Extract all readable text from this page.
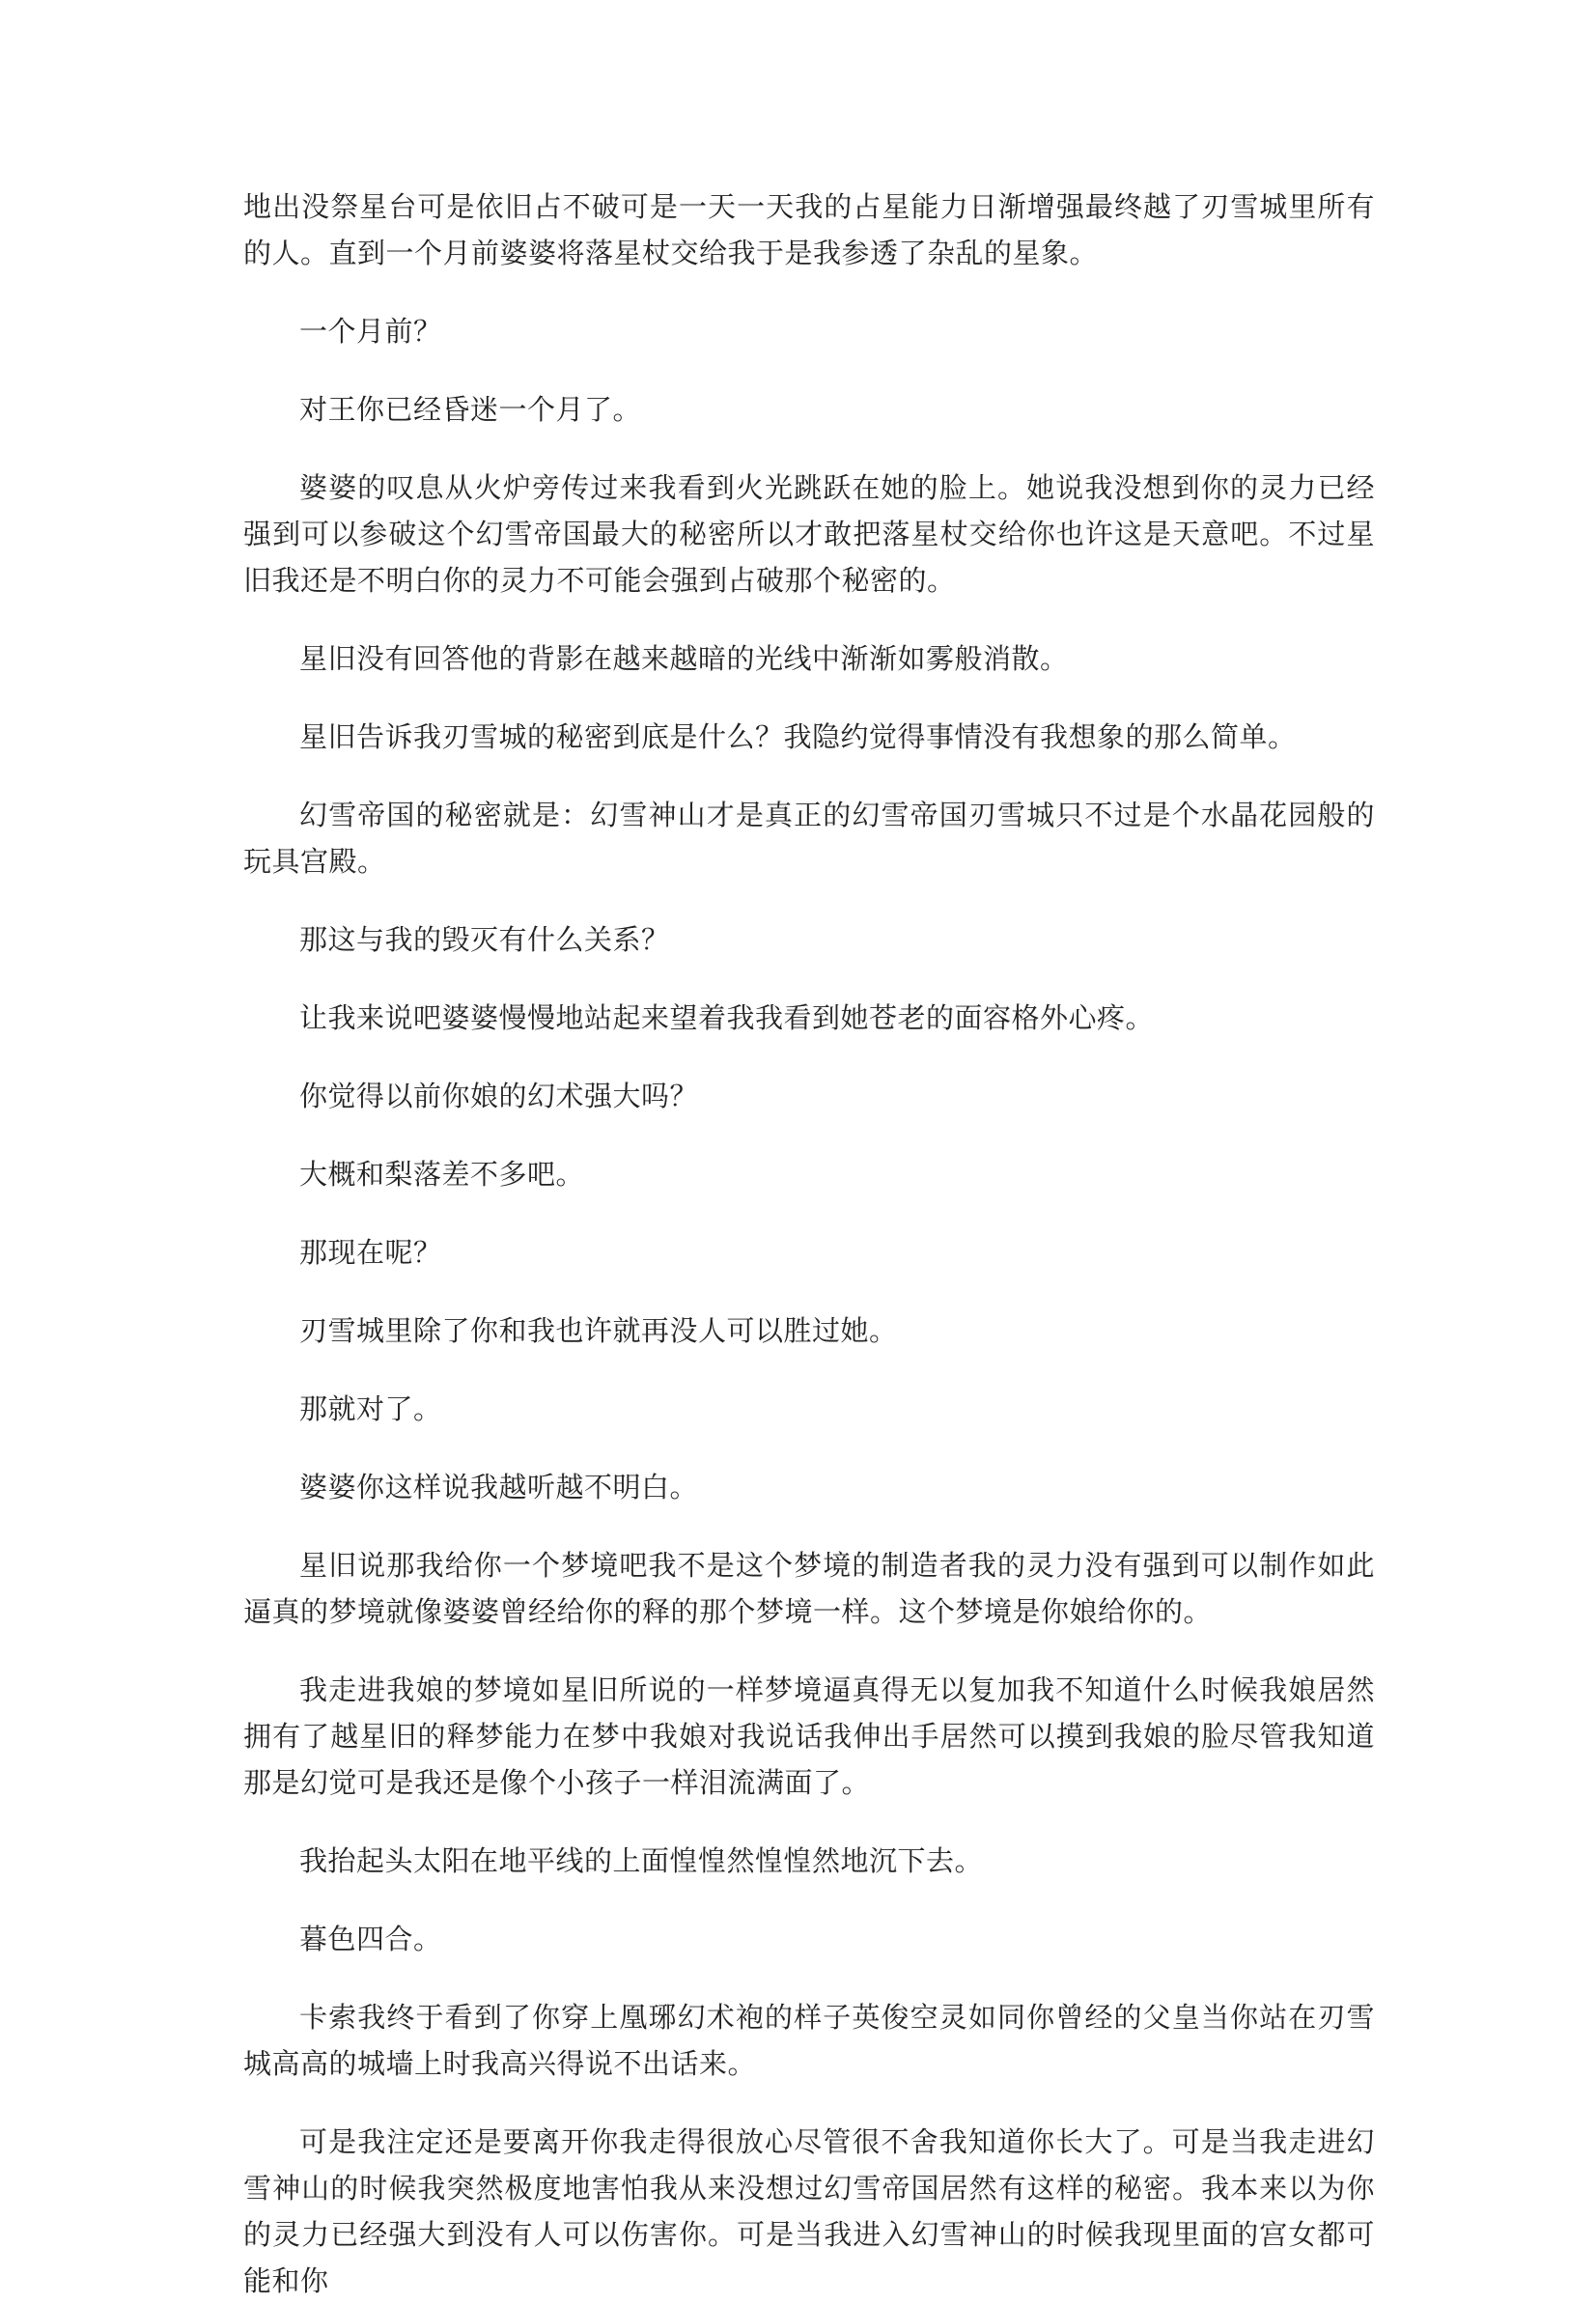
地出没祭星台可是依旧占不破可是一天一天我的占星能力日渐增强最终越了刃雪城里所有的人。直到一个月前婆婆将落星杖交给我于是我参透了杂乱的星象。

一个月前？

对王你已经昏迷一个月了。

婆婆的叹息从火炉旁传过来我看到火光跳跃在她的脸上。她说我没想到你的灵力已经强到可以参破这个幻雪帝国最大的秘密所以才敢把落星杖交给你也许这是天意吧。不过星旧我还是不明白你的灵力不可能会强到占破那个秘密的。

星旧没有回答他的背影在越来越暗的光线中渐渐如雾般消散。

星旧告诉我刃雪城的秘密到底是什么？我隐约觉得事情没有我想象的那么简单。

幻雪帝国的秘密就是：幻雪神山才是真正的幻雪帝国刃雪城只不过是个水晶花园般的玩具宫殿。

那这与我的毁灭有什么关系？

让我来说吧婆婆慢慢地站起来望着我我看到她苍老的面容格外心疼。

你觉得以前你娘的幻术强大吗？

大概和梨落差不多吧。

那现在呢？

刃雪城里除了你和我也许就再没人可以胜过她。

那就对了。

婆婆你这样说我越听越不明白。

星旧说那我给你一个梦境吧我不是这个梦境的制造者我的灵力没有强到可以制作如此逼真的梦境就像婆婆曾经给你的释的那个梦境一样。这个梦境是你娘给你的。

我走进我娘的梦境如星旧所说的一样梦境逼真得无以复加我不知道什么时候我娘居然拥有了越星旧的释梦能力在梦中我娘对我说话我伸出手居然可以摸到我娘的脸尽管我知道那是幻觉可是我还是像个小孩子一样泪流满面了。

我抬起头太阳在地平线的上面惶惶然惶惶然地沉下去。

暮色四合。

卡索我终于看到了你穿上凰琊幻术袍的样子英俊空灵如同你曾经的父皇当你站在刃雪城高高的城墙上时我高兴得说不出话来。

可是我注定还是要离开你我走得很放心尽管很不舍我知道你长大了。可是当我走进幻雪神山的时候我突然极度地害怕我从来没想过幻雪帝国居然有这样的秘密。我本来以为你的灵力已经强大到没有人可以伤害你。可是当我进入幻雪神山的时候我现里面的宫女都可能和你
